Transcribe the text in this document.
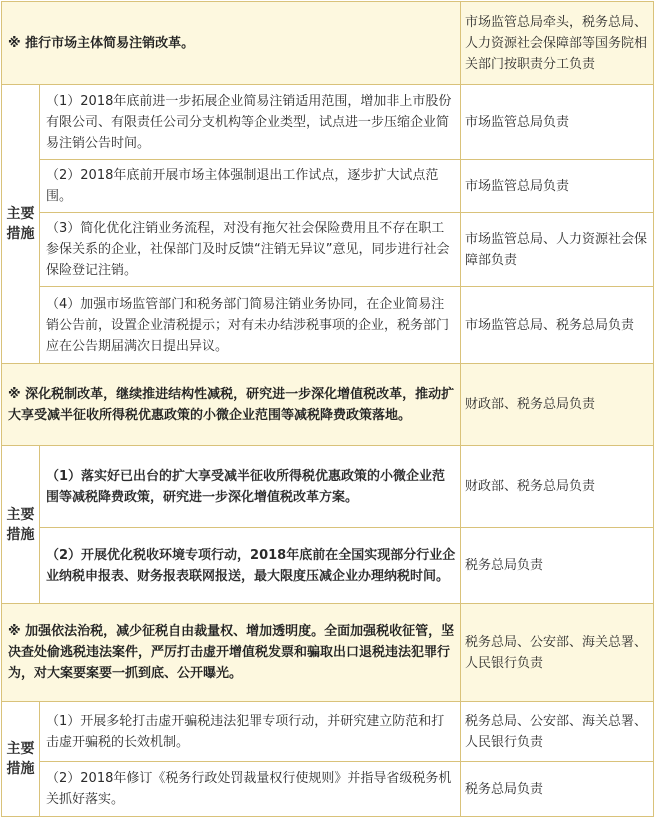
※ 推行市场主体简易注销改革。		市场监管总局牵头，税务总局、人力资源社会保障部等国务院相关部门按职责分工负责

主要
措施	（1）2018年底前进一步拓展企业简易注销适用范围，增加非上市股份有限公司、有限责任公司分支机构等企业类型，试点进一步压缩企业简易注销公告时间。	市场监管总局负责
	（2）2018年底前开展市场主体强制退出工作试点，逐步扩大试点范围。	市场监管总局负责
	（3）简化优化注销业务流程，对没有拖欠社会保险费用且不存在职工参保关系的企业，社保部门及时反馈“注销无异议”意见，同步进行社会保险登记注销。	市场监管总局、人力资源社会保障部负责
	（4）加强市场监管部门和税务部门简易注销业务协同，在企业简易注销公告前，设置企业清税提示；对有未办结涉税事项的企业，税务部门应在公告期届满次日提出异议。	市场监管总局、税务总局负责
※ 深化税制改革，继续推进结构性减税，研究进一步深化增值税改革，推动扩大享受减半征收所得税优惠政策的小微企业范围等减税降费政策落地。		财政部、税务总局负责

主要
措施	（1）落实好已出台的扩大享受减半征收所得税优惠政策的小微企业范围等减税降费政策，研究进一步深化增值税改革方案。	财政部、税务总局负责
	（2）开展优化税收环境专项行动，2018年底前在全国实现部分行业企业纳税申报表、财务报表联网报送，最大限度压减企业办理纳税时间。	税务总局负责
※ 加强依法治税，减少征税自由裁量权、增加透明度。全面加强税收征管，坚决查处偷逃税违法案件，严厉打击虚开增值税发票和骗取出口退税违法犯罪行为，对大案要案要一抓到底、公开曝光。		税务总局、公安部、海关总署、人民银行负责

主要
措施	（1）开展多轮打击虚开骗税违法犯罪专项行动，并研究建立防范和打击虚开骗税的长效机制。	税务总局、公安部、海关总署、人民银行负责
	（2）2018年修订《税务行政处罚裁量权行使规则》并指导省级税务机关抓好落实。	税务总局负责
